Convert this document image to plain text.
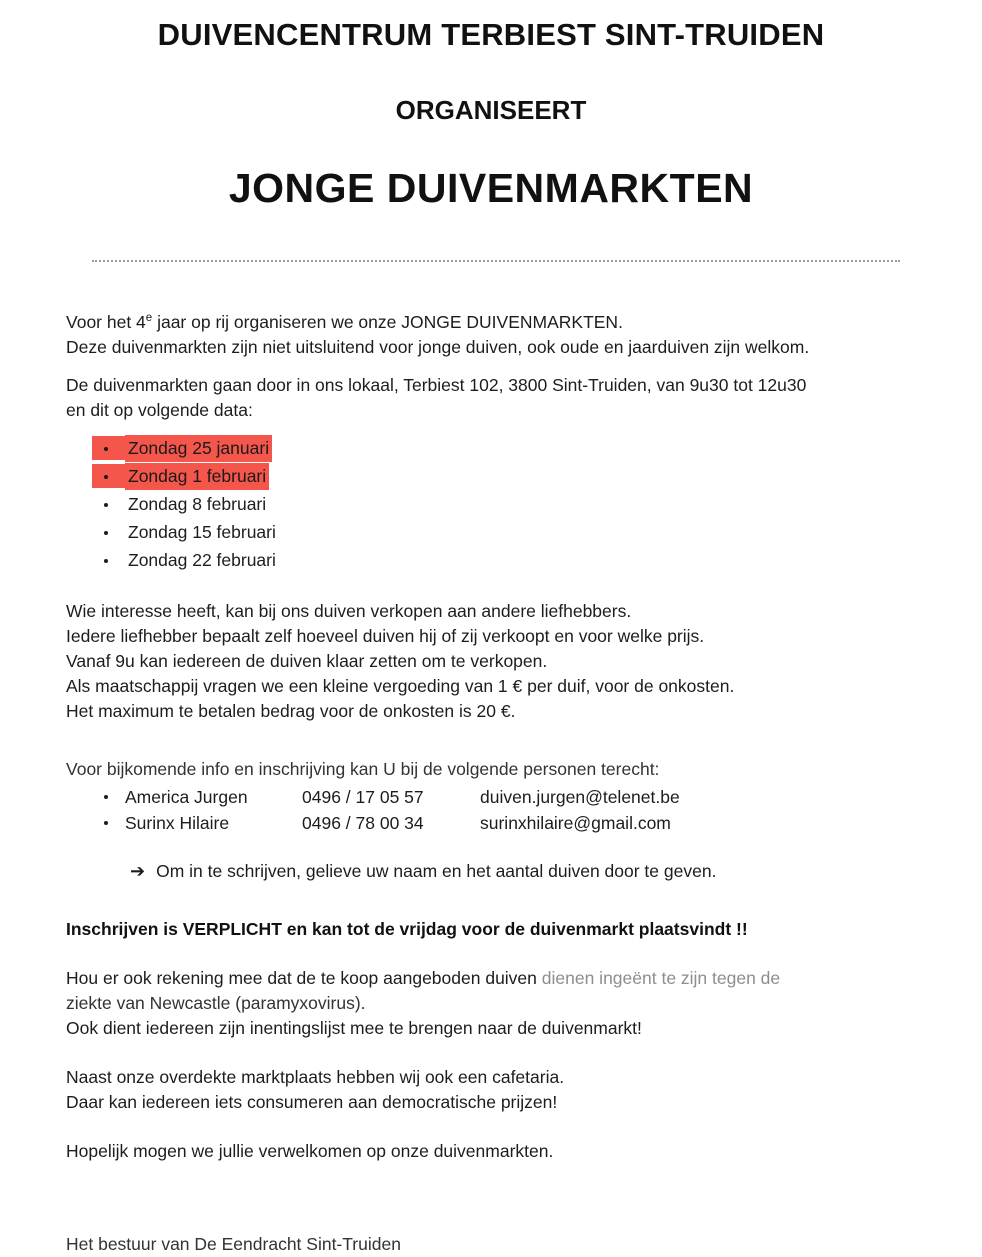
DUIVENCENTRUM TERBIEST SINT-TRUIDEN
ORGANISEERT
JONGE DUIVENMARKTEN

Voor het 4e jaar op rij organiseren we onze JONGE DUIVENMARKTEN.

Deze duivenmarkten zijn niet uitsluitend voor jonge duiven, ook oude en jaarduiven zijn welkom.

De duivenmarkten gaan door in ons lokaal, Terbiest 102, 3800 Sint-Truiden, van 9u30 tot 12u30

en dit op volgende data:

Zondag 25 januari
Zondag 1 februari
Zondag 8 februari
Zondag 15 februari
Zondag 22 februari

Wie interesse heeft, kan bij ons duiven verkopen aan andere liefhebbers.

Iedere liefhebber bepaalt zelf hoeveel duiven hij of zij verkoopt en voor welke prijs.

Vanaf 9u kan iedereen de duiven klaar zetten om te verkopen.

Als maatschappij vragen we een kleine vergoeding van 1 € per duif, voor de onkosten.

Het maximum te betalen bedrag voor de onkosten is 20 €.

Voor bijkomende info en inschrijving kan U bij de volgende personen terecht:

America Jurgen	0496 / 17 05 57	duiven.jurgen@telenet.be
Surinx Hilaire	0496 / 78 00 34	surinxhilaire@gmail.com
➔ Om in te schrijven, gelieve uw naam en het aantal duiven door te geven.

Inschrijven is VERPLICHT en kan tot de vrijdag voor de duivenmarkt plaatsvindt !!

Hou er ook rekening mee dat de te koop aangeboden duiven dienen ingeënt te zijn tegen de

ziekte van Newcastle (paramyxovirus).

Ook dient iedereen zijn inentingslijst mee te brengen naar de duivenmarkt!

Naast onze overdekte marktplaats hebben wij ook een cafetaria.

Daar kan iedereen iets consumeren aan democratische prijzen!

Hopelijk mogen we jullie verwelkomen op onze duivenmarkten.

Het bestuur van De Eendracht Sint-Truiden
